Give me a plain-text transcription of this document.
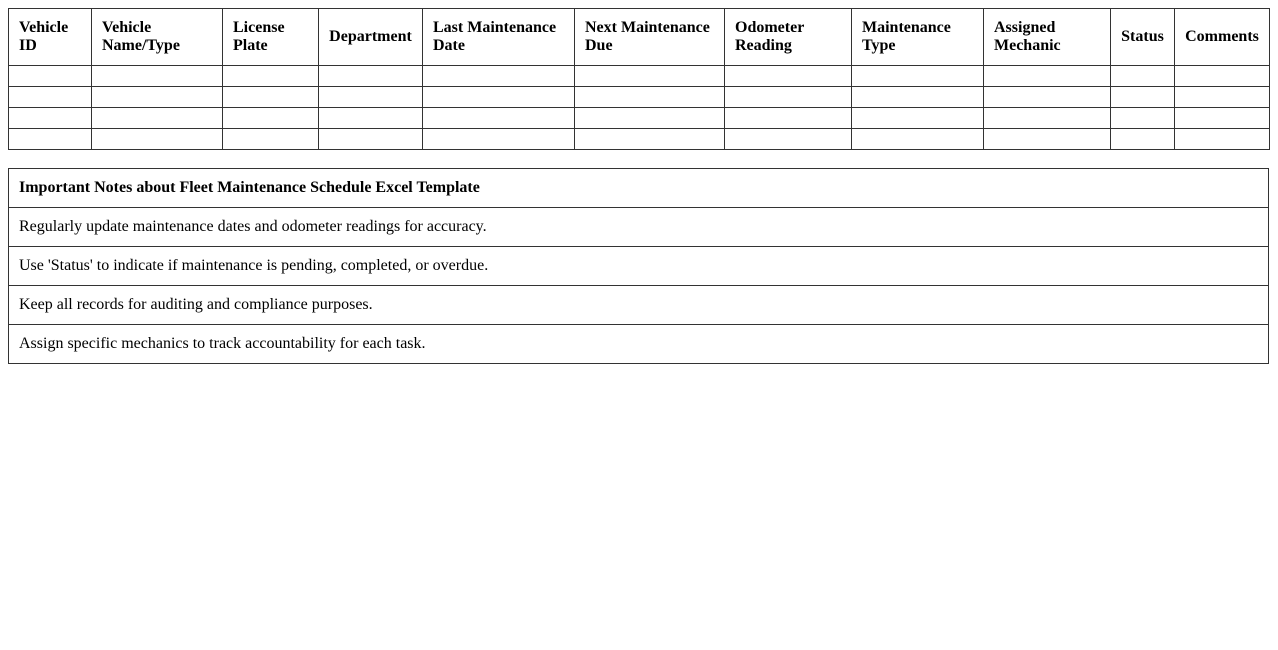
Vehicle ID	Vehicle Name/Type	License Plate	Department	Last Maintenance Date	Next Maintenance Due	Odometer Reading	Maintenance Type	Assigned Mechanic	Status	Comments

Important Notes about Fleet Maintenance Schedule Excel Template
Regularly update maintenance dates and odometer readings for accuracy.
Use 'Status' to indicate if maintenance is pending, completed, or overdue.
Keep all records for auditing and compliance purposes.
Assign specific mechanics to track accountability for each task.
